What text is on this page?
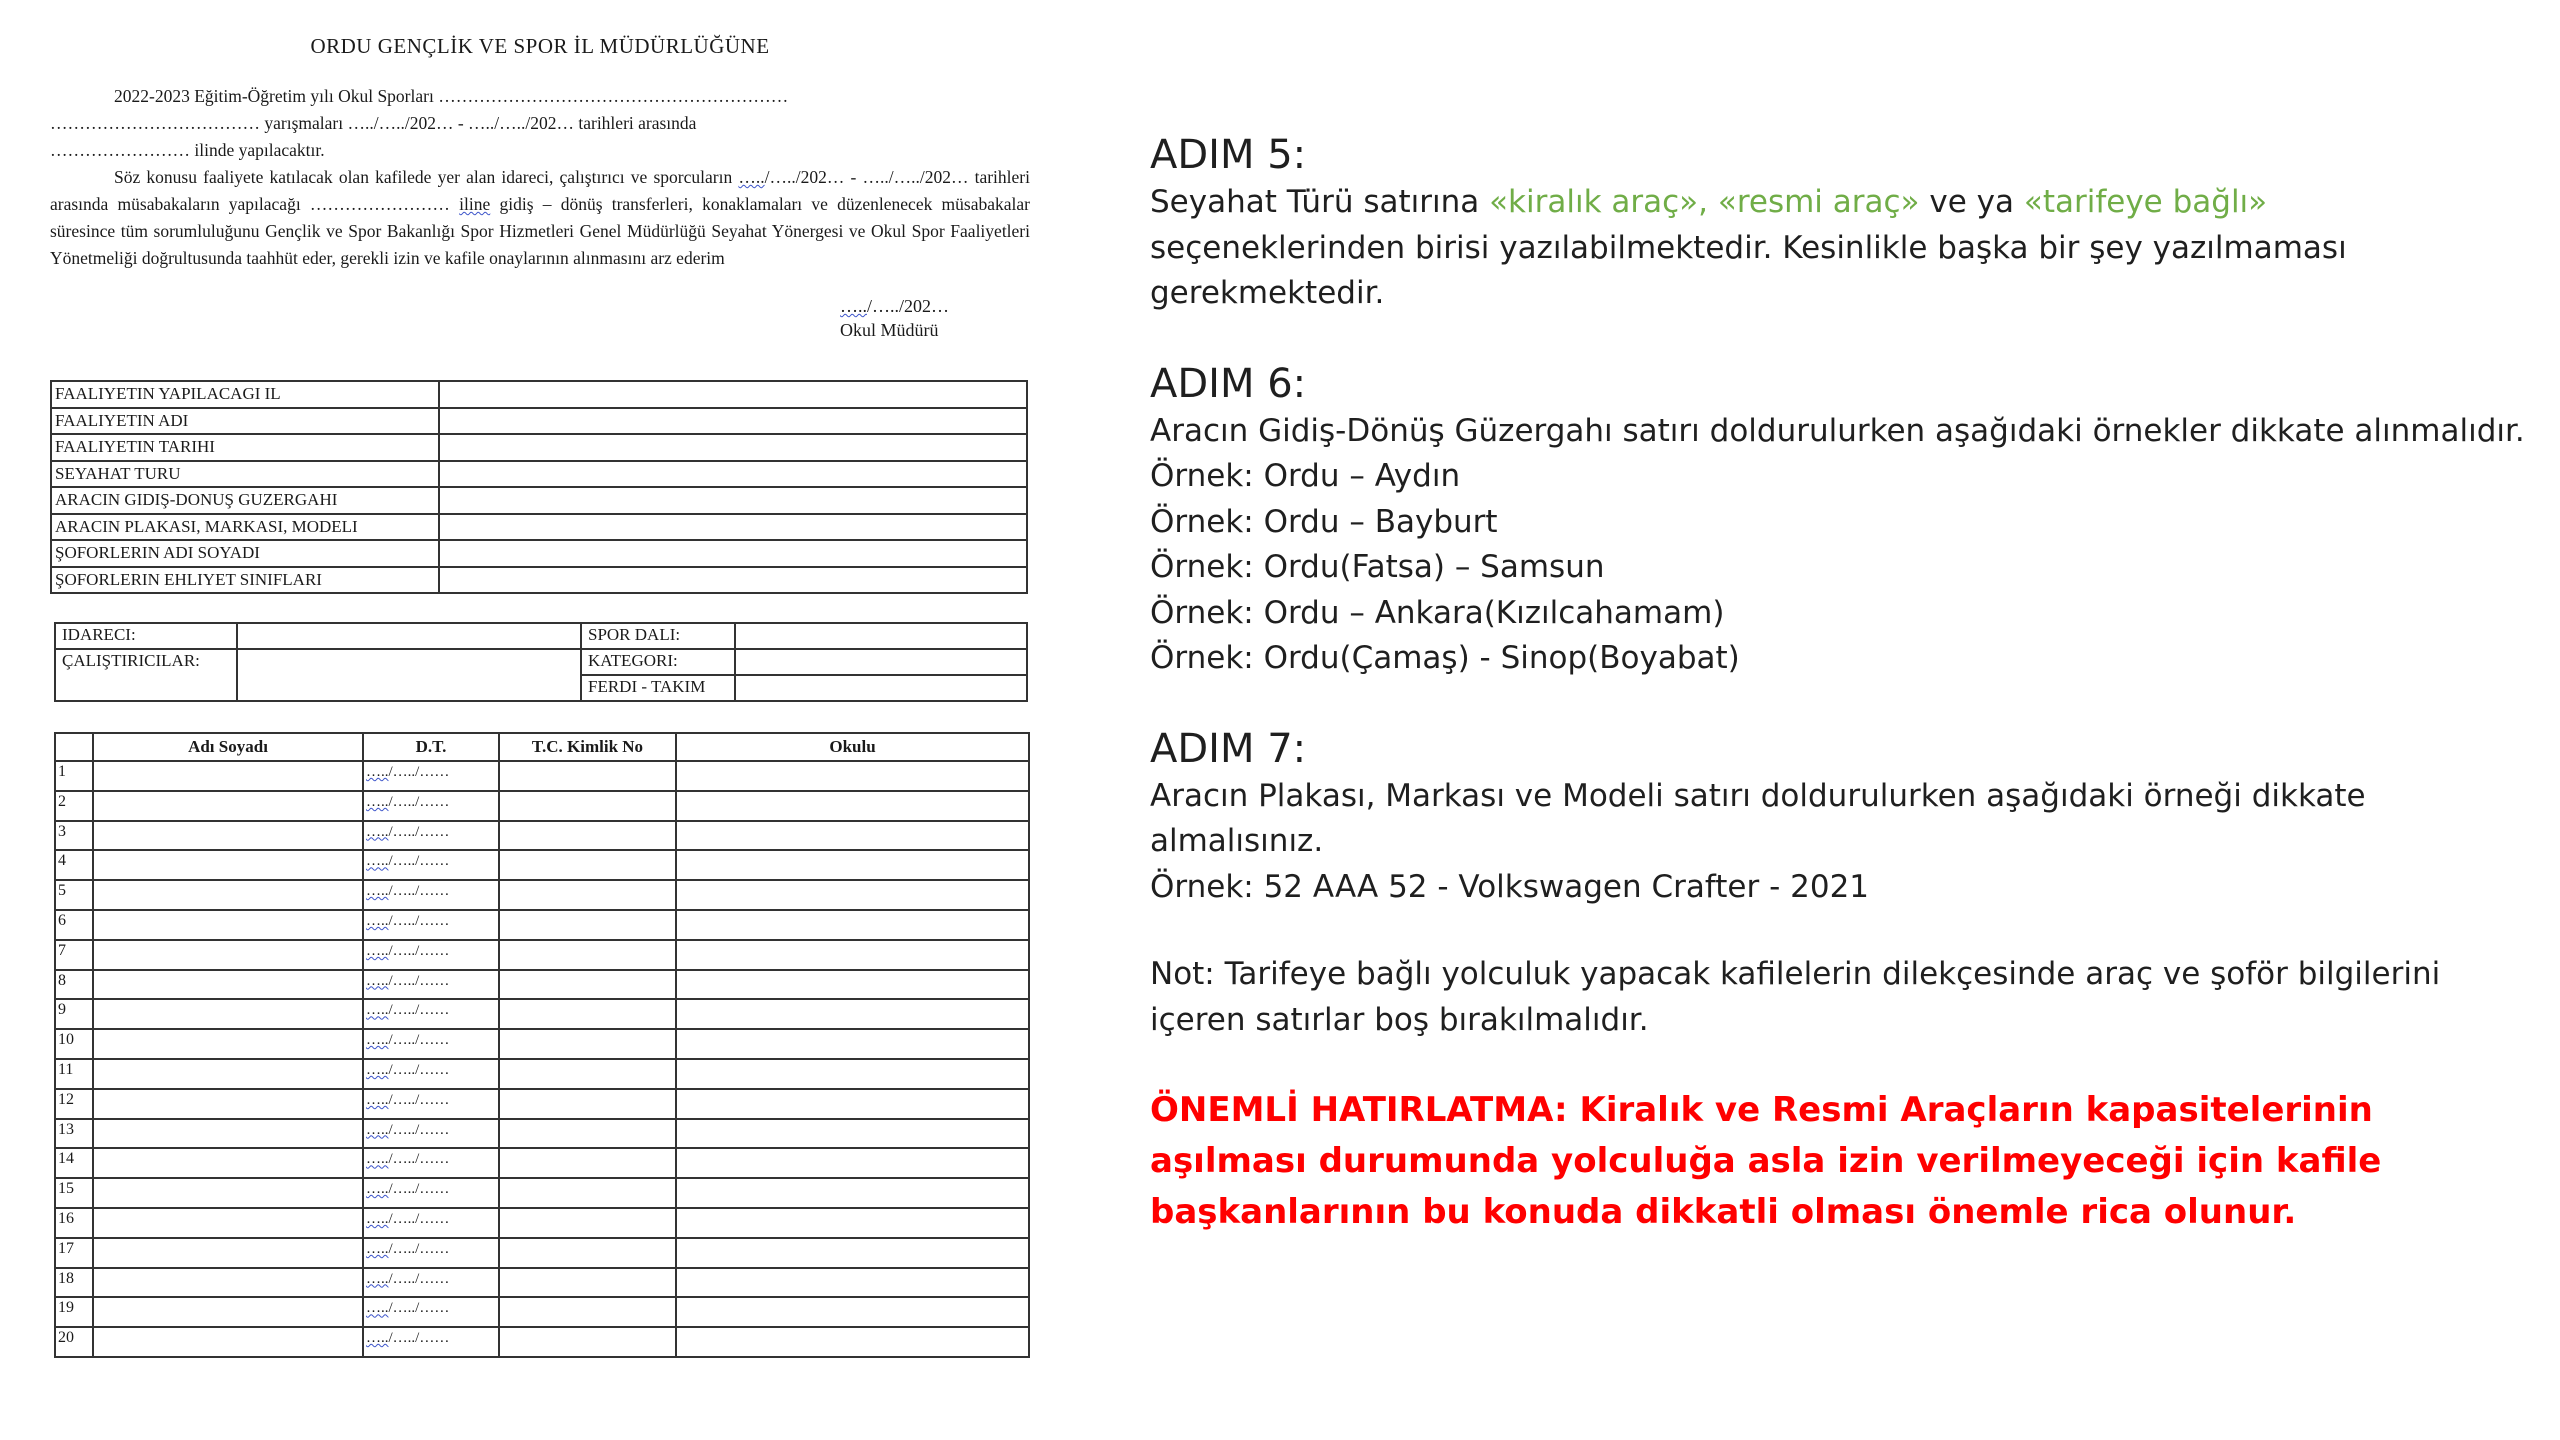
ORDU GENÇLİK VE SPOR İL MÜDÜRLÜĞÜNE

2022-2023 Eğitim-Öğretim yılı Okul Sporları ……………………………………………………

……………………………… yarışmaları …../…../202… - …../…../202… tarihleri arasında

…………………… ilinde yapılacaktır.

Söz konusu faaliyete katılacak olan kafilede yer alan idareci, çalıştırıcı ve sporcuların …../…../202… - …../…../202… tarihleri arasında müsabakaların yapılacağı …………………… iline gidiş – dönüş transferleri, konaklamaları ve düzenlenecek müsabakalar süresince tüm sorumluluğunu Gençlik ve Spor Bakanlığı Spor Hizmetleri Genel Müdürlüğü Seyahat Yönergesi ve Okul Spor Faaliyetleri Yönetmeliği doğrultusunda taahhüt eder, gerekli izin ve kafile onaylarının alınmasını arz ederim

…../…../202…
Okul Müdürü
FAALIYETIN YAPILACAGI IL	
FAALIYETIN ADI	
FAALIYETIN TARIHI	
SEYAHAT TURU	
ARACIN GIDIŞ-DONUŞ GUZERGAHI	
ARACIN PLAKASI, MARKASI, MODELI	
ŞOFORLERIN ADI SOYADI	
ŞOFORLERIN EHLIYET SINIFLARI	
IDARECI:		SPOR DALI:	
ÇALIŞTIRICILAR:		KATEGORI:	
		FERDI - TAKIM	
	Adı Soyadı	D.T.	T.C. Kimlik No	Okulu
1		…../…../……		
2		…../…../……		
3		…../…../……		
4		…../…../……		
5		…../…../……		
6		…../…../……		
7		…../…../……		
8		…../…../……		
9		…../…../……		
10		…../…../……		
11		…../…../……		
12		…../…../……		
13		…../…../……		
14		…../…../……		
15		…../…../……		
16		…../…../……		
17		…../…../……		
18		…../…../……		
19		…../…../……		
20		…../…../……		
ADIM 5:

Seyahat Türü satırına «kiralık araç», «resmi araç» ve ya «tarifeye bağlı» seçeneklerinden birisi yazılabilmektedir. Kesinlikle başka bir şey yazılmaması gerekmektedir.

ADIM 6:

Aracın Gidiş-Dönüş Güzergahı satırı doldurulurken aşağıdaki örnekler dikkate alınmalıdır.

Örnek: Ordu – Aydın

Örnek: Ordu – Bayburt

Örnek: Ordu(Fatsa) – Samsun

Örnek: Ordu – Ankara(Kızılcahamam)

Örnek: Ordu(Çamaş) - Sinop(Boyabat)

ADIM 7:

Aracın Plakası, Markası ve Modeli satırı doldurulurken aşağıdaki örneği dikkate almalısınız.

Örnek: 52 AAA 52 - Volkswagen Crafter - 2021

Not: Tarifeye bağlı yolculuk yapacak kafilelerin dilekçesinde araç ve şoför bilgilerini içeren satırlar boş bırakılmalıdır.

ÖNEMLİ HATIRLATMA: Kiralık ve Resmi Araçların kapasitelerinin aşılması durumunda yolculuğa asla izin verilmeyeceği için kafile başkanlarının bu konuda dikkatli olması önemle rica olunur.
